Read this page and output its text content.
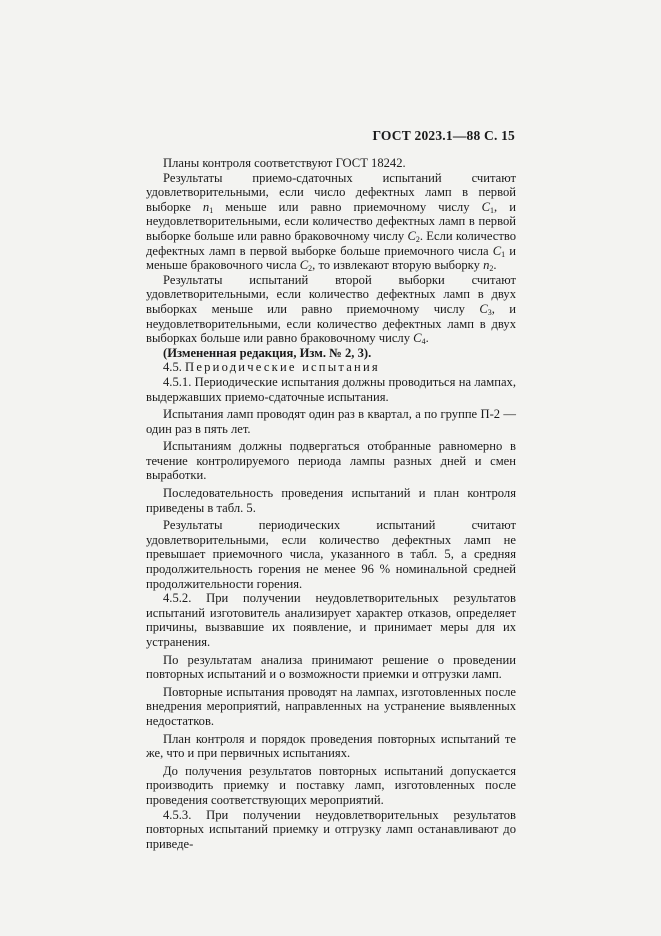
ГОСТ 2023.1—88 С. 15

Планы контроля соответствуют ГОСТ 18242.

Результаты приемо-сдаточных испытаний считают удовлетворительными, если число дефектных ламп в первой выборке $n_1$ меньше или равно приемочному числу $C_1$, и неудовлетворительными, если количество дефектных ламп в первой выборке больше или равно браковочному числу $C_2$. Если количество дефектных ламп в первой выборке больше приемочного числа $C_1$ и меньше браковочного числа $C_2$, то извлекают вторую выборку $n_2$.

Результаты испытаний второй выборки считают удовлетворительными, если количество дефектных ламп в двух выборках меньше или равно приемочному числу $C_3$, и неудовлетворительными, если количество дефектных ламп в двух выборках больше или равно браковочному числу $C_4$.

(Измененная редакция, Изм. № 2, 3).

4.5. Периодические испытания

4.5.1. Периодические испытания должны проводиться на лампах, выдержавших приемо-сдаточные испытания.

Испытания ламп проводят один раз в квартал, а по группе П-2 — один раз в пять лет.

Испытаниям должны подвергаться отобранные равномерно в течение контролируемого периода лампы разных дней и смен выработки.

Последовательность проведения испытаний и план контроля приведены в табл. 5.

Результаты периодических испытаний считают удовлетворительными, если количество дефектных ламп не превышает приемочного числа, указанного в табл. 5, а средняя продолжительность горения не менее 96 % номинальной средней продолжительности горения.

4.5.2. При получении неудовлетворительных результатов испытаний изготовитель анализирует характер отказов, определяет причины, вызвавшие их появление, и принимает меры для их устранения.

По результатам анализа принимают решение о проведении повторных испытаний и о возможности приемки и отгрузки ламп.

Повторные испытания проводят на лампах, изготовленных после внедрения мероприятий, направленных на устранение выявленных недостатков.

План контроля и порядок проведения повторных испытаний те же, что и при первичных испытаниях.

До получения результатов повторных испытаний допускается производить приемку и поставку ламп, изготовленных после проведения соответствующих мероприятий.

4.5.3. При получении неудовлетворительных результатов повторных испытаний приемку и отгрузку ламп останавливают до приведе-
